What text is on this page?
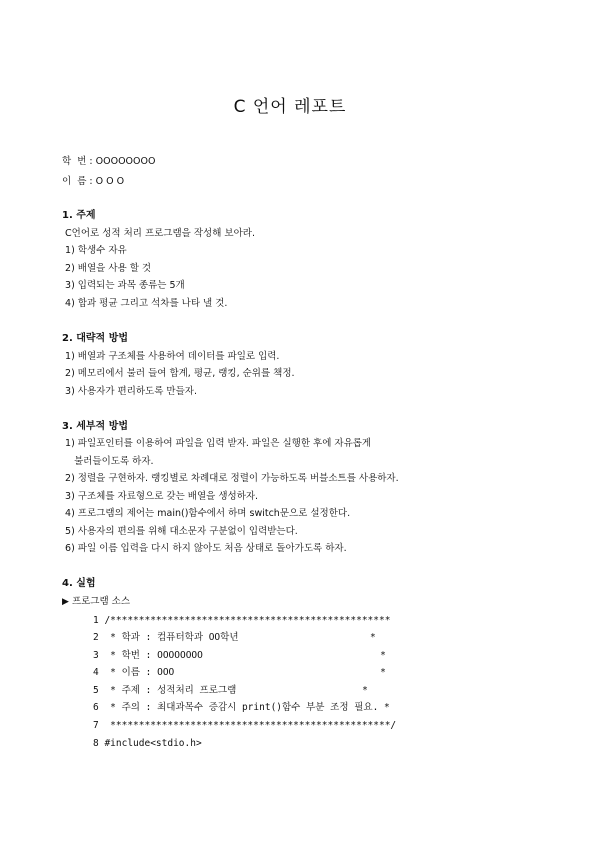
C 언어 레포트
학  번 : OOOOOOOO
이  름 : O O O
1. 주제
C언어로 성적 처리 프로그램을 작성해 보아라.
1) 학생수 자유
2) 배열을 사용 할 것
3) 입력되는 과목 종류는 5개
4) 합과 평균 그리고 석차를 나타 낼 것.
2. 대략적 방법
1) 배열과 구조체를 사용하여 데이터를 파일로 입력.
2) 메모리에서 불러 들여 합계, 평균, 랭킹, 순위를 책정.
3) 사용자가 편리하도록 만들자.
3. 세부적 방법
1) 파일포인터를 이용하여 파일을 입력 받자. 파일은 실행한 후에 자유롭게
불러들이도록 하자.
2) 정렬을 구현하자. 랭킹별로 차례대로 정렬이 가능하도록 버블소트를 사용하자.
3) 구조체를 자료형으로 갖는 배열을 생성하자.
4) 프로그램의 제어는 main()함수에서 하며 switch문으로 설정한다.
5) 사용자의 편의를 위해 대소문자 구분없이 입력받는다.
6) 파일 이름 입력을 다시 하지 않아도 처음 상태로 돌아가도록 하자.
4. 실험
▶ 프로그램 소스
1 /*************************************************
2  * 학과 : 컴퓨터학과 OO학년                       *
3  * 학번 : OOOOOOOO                               *
4  * 이름 : OOO                                    *
5  * 주제 : 성적처리 프로그램                      *
6  * 주의 : 최대과목수 증감시 print()함수 부분 조정 필요. *
7  *************************************************/
8 #include<stdio.h>
